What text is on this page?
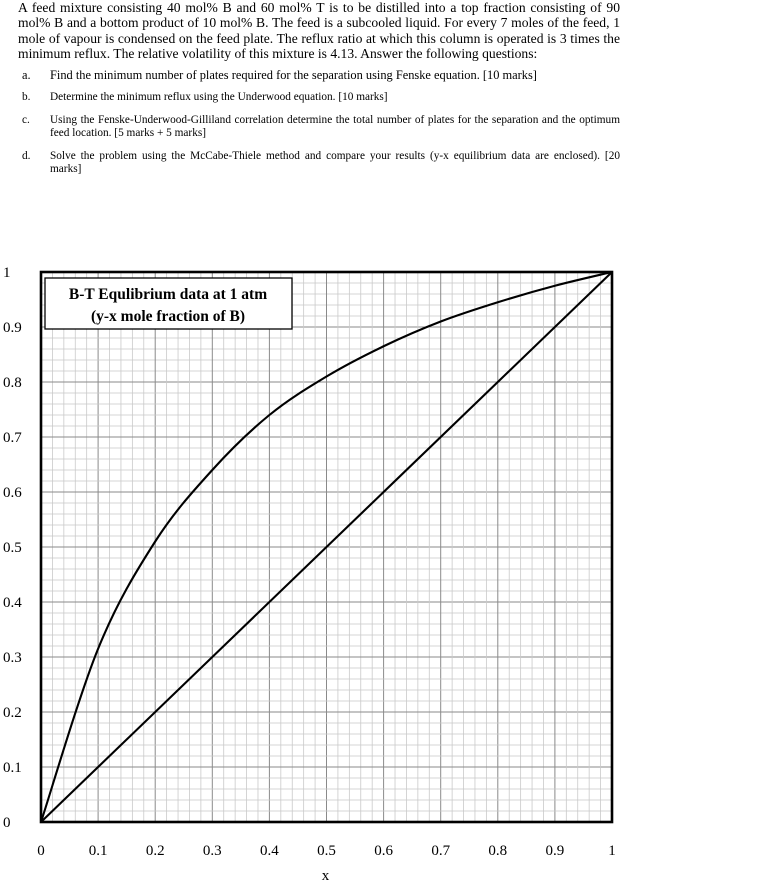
A feed mixture consisting 40 mol% B and 60 mol% T is to be distilled into a top fraction consisting of 90 mol% B and a bottom product of 10 mol% B. The feed is a subcooled liquid. For every 7 moles of the feed, 1 mole of vapour is condensed on the feed plate. The reflux ratio at which this column is operated is 3 times the minimum reflux. The relative volatility of this mixture is 4.13. Answer the following questions:

a.	Find the minimum number of plates required for the separation using Fenske equation. [10 marks]
b.	Determine the minimum reflux using the Underwood equation. [10 marks]
c.	Using the Fenske-Underwood-Gilliland correlation determine the total number of plates for the separation and the optimum feed location. [5 marks + 5 marks]
d.	Solve the problem using the McCabe-Thiele method and compare your results (y-x equilibrium data are enclosed). [20 marks]
0	0.1	0.2	0.3	0.4	0.5	0.6	0.7	0.8	0.9	1
0
0.1
0.2
0.3
0.4
0.5
0.6
0.7
0.8
0.9
1
B-T Equlibrium data at 1 atm
(y-x mole fraction of B)
x
